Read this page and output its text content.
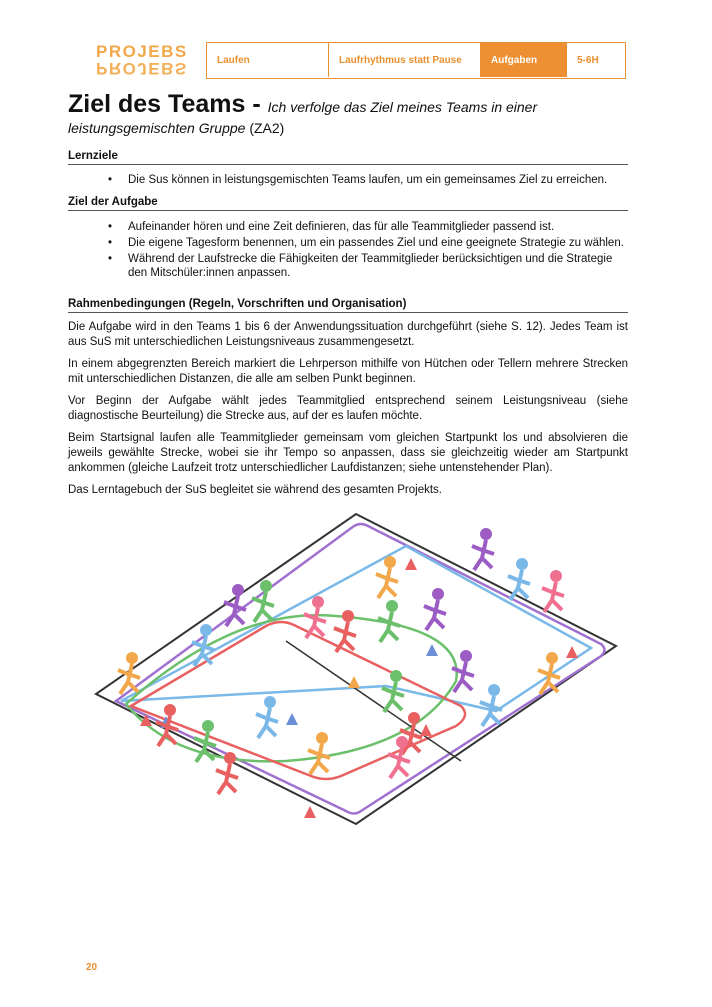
PROJEBS
PROJEBS	Laufen	Laufrhythmus statt Pause	Aufgaben	5-6H
Ziel des Teams - Ich verfolge das Ziel meines Teams in einer leistungsgemischten Gruppe (ZA2)
Lernziele
• Die Sus können in leistungsgemischten Teams laufen, um ein gemeinsames Ziel zu erreichen.
Ziel der Aufgabe
• Aufeinander hören und eine Zeit definieren, das für alle Teammitglieder passend ist.
• Die eigene Tagesform benennen, um ein passendes Ziel und eine geeignete Strategie zu wählen.
• Während der Laufstrecke die Fähigkeiten der Teammitglieder berücksichtigen und die Strategie den Mitschüler:innen anpassen.
Rahmenbedingungen (Regeln, Vorschriften und Organisation)
Die Aufgabe wird in den Teams 1 bis 6 der Anwendungssituation durchgeführt (siehe S. 12). Jedes Team ist aus SuS mit unterschiedlichen Leistungsniveaus zusammengesetzt.
In einem abgegrenzten Bereich markiert die Lehrperson mithilfe von Hütchen oder Tellern mehrere Strecken mit unterschiedlichen Distanzen, die alle am selben Punkt beginnen.
Vor Beginn der Aufgabe wählt jedes Teammitglied entsprechend seinem Leistungsniveau (siehe diagnostische Beurteilung) die Strecke aus, auf der es laufen möchte.
Beim Startsignal laufen alle Teammitglieder gemeinsam vom gleichen Startpunkt los und absolvieren die jeweils gewählte Strecke, wobei sie ihr Tempo so anpassen, dass sie gleichzeitig wieder am Startpunkt ankommen (gleiche Laufzeit trotz unterschiedlicher Laufdistanzen; siehe untenstehender Plan).
Das Lerntagebuch der SuS begleitet sie während des gesamten Projekts.
20
